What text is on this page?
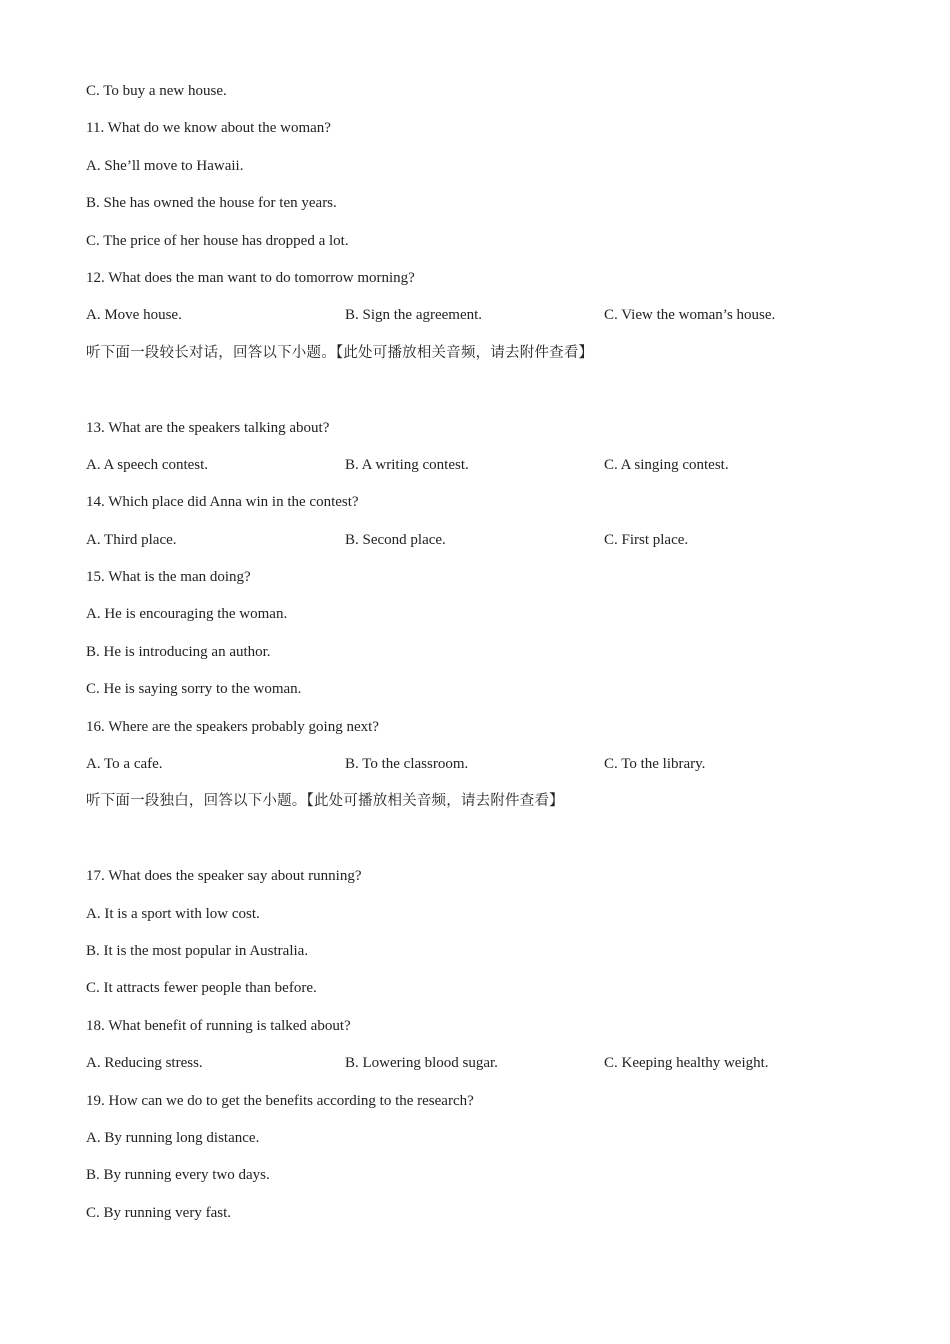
C. To buy a new house.
11. What do we know about the woman?
A. She’ll move to Hawaii.
B. She has owned the house for ten years.
C. The price of her house has dropped a lot.
12. What does the man want to do tomorrow morning?
A. Move house.	B. Sign the agreement.	C. View the woman’s house.
听下面一段较长对话，回答以下小题。【此处可播放相关音频，请去附件查看】
13. What are the speakers talking about?
A. A speech contest.	B. A writing contest.	C. A singing contest.
14. Which place did Anna win in the contest?
A. Third place.	B. Second place.	C. First place.
15. What is the man doing?
A. He is encouraging the woman.
B. He is introducing an author.
C. He is saying sorry to the woman.
16. Where are the speakers probably going next?
A. To a cafe.	B. To the classroom.	C. To the library.
听下面一段独白，回答以下小题。【此处可播放相关音频，请去附件查看】
17. What does the speaker say about running?
A. It is a sport with low cost.
B. It is the most popular in Australia.
C. It attracts fewer people than before.
18. What benefit of running is talked about?
A. Reducing stress.	B. Lowering blood sugar.	C. Keeping healthy weight.
19. How can we do to get the benefits according to the research?
A. By running long distance.
B. By running every two days.
C. By running very fast.
